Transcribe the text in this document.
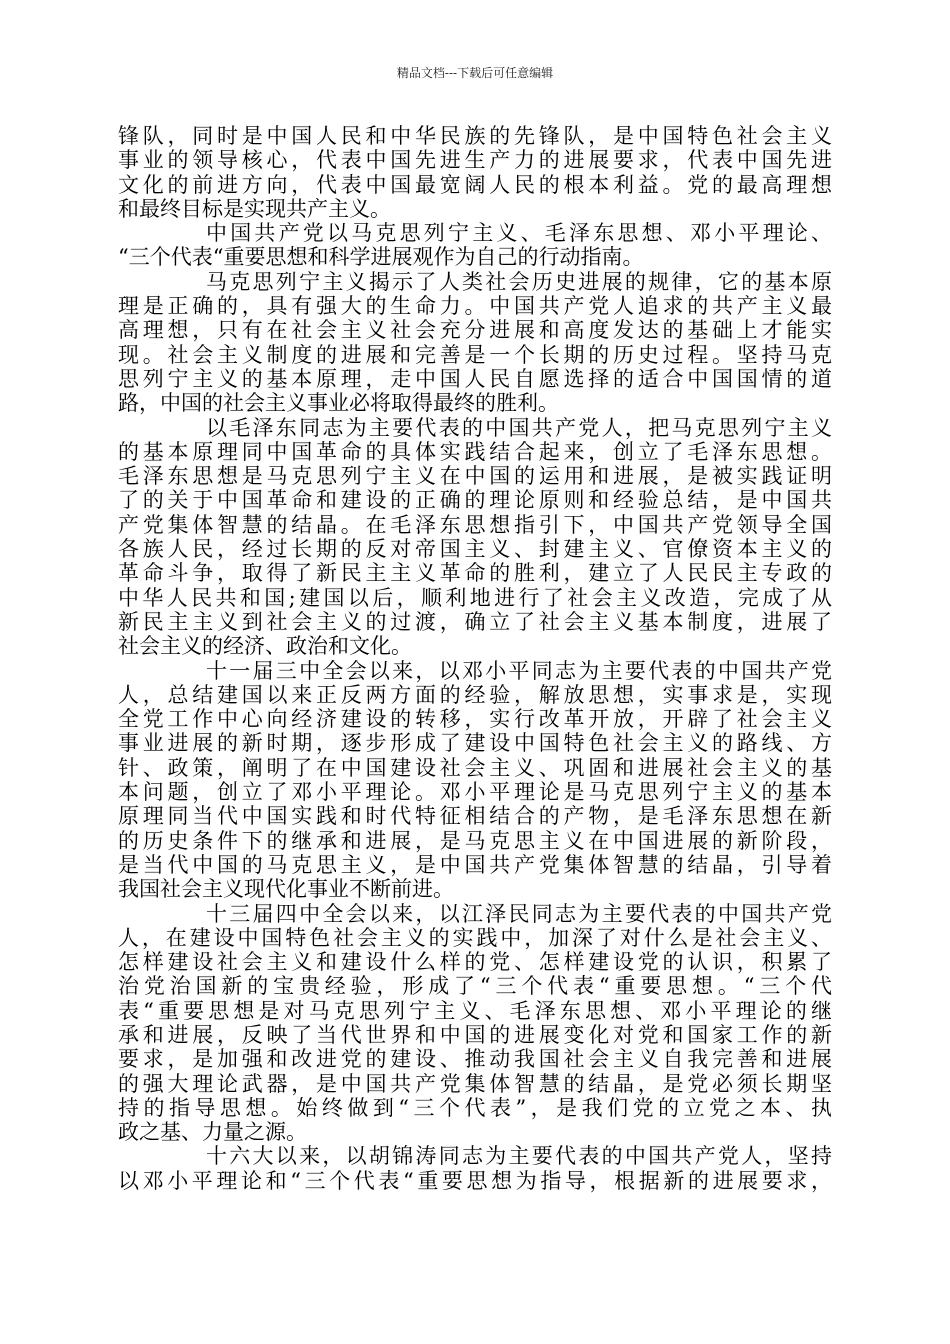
精品文档---下载后可任意编辑
锋队，同时是中国人民和中华民族的先锋队，是中国特色社会主义
事业的领导核心，代表中国先进生产力的进展要求，代表中国先进
文化的前进方向，代表中国最宽阔人民的根本利益。党的最高理想
和最终目标是实现共产主义。
中国共产党以马克思列宁主义、毛泽东思想、邓小平理论、
“三个代表“重要思想和科学进展观作为自己的行动指南。
马克思列宁主义揭示了人类社会历史进展的规律，它的基本原
理是正确的，具有强大的生命力。中国共产党人追求的共产主义最
高理想，只有在社会主义社会充分进展和高度发达的基础上才能实
现。社会主义制度的进展和完善是一个长期的历史过程。坚持马克
思列宁主义的基本原理，走中国人民自愿选择的适合中国国情的道
路，中国的社会主义事业必将取得最终的胜利。
以毛泽东同志为主要代表的中国共产党人，把马克思列宁主义
的基本原理同中国革命的具体实践结合起来，创立了毛泽东思想。
毛泽东思想是马克思列宁主义在中国的运用和进展，是被实践证明
了的关于中国革命和建设的正确的理论原则和经验总结，是中国共
产党集体智慧的结晶。在毛泽东思想指引下，中国共产党领导全国
各族人民，经过长期的反对帝国主义、封建主义、官僚资本主义的
革命斗争，取得了新民主主义革命的胜利，建立了人民民主专政的
中华人民共和国;建国以后，顺利地进行了社会主义改造，完成了从
新民主主义到社会主义的过渡，确立了社会主义基本制度，进展了
社会主义的经济、政治和文化。
十一届三中全会以来，以邓小平同志为主要代表的中国共产党
人，总结建国以来正反两方面的经验，解放思想，实事求是，实现
全党工作中心向经济建设的转移，实行改革开放，开辟了社会主义
事业进展的新时期，逐步形成了建设中国特色社会主义的路线、方
针、政策，阐明了在中国建设社会主义、巩固和进展社会主义的基
本问题，创立了邓小平理论。邓小平理论是马克思列宁主义的基本
原理同当代中国实践和时代特征相结合的产物，是毛泽东思想在新
的历史条件下的继承和进展，是马克思主义在中国进展的新阶段，
是当代中国的马克思主义，是中国共产党集体智慧的结晶，引导着
我国社会主义现代化事业不断前进。
十三届四中全会以来，以江泽民同志为主要代表的中国共产党
人，在建设中国特色社会主义的实践中，加深了对什么是社会主义、
怎样建设社会主义和建设什么样的党、怎样建设党的认识，积累了
治党治国新的宝贵经验，形成了“三个代表“重要思想。“三个代
表“重要思想是对马克思列宁主义、毛泽东思想、邓小平理论的继
承和进展，反映了当代世界和中国的进展变化对党和国家工作的新
要求，是加强和改进党的建设、推动我国社会主义自我完善和进展
的强大理论武器，是中国共产党集体智慧的结晶，是党必须长期坚
持的指导思想。始终做到“三个代表”，是我们党的立党之本、执
政之基、力量之源。
十六大以来，以胡锦涛同志为主要代表的中国共产党人，坚持
以邓小平理论和“三个代表“重要思想为指导，根据新的进展要求，
